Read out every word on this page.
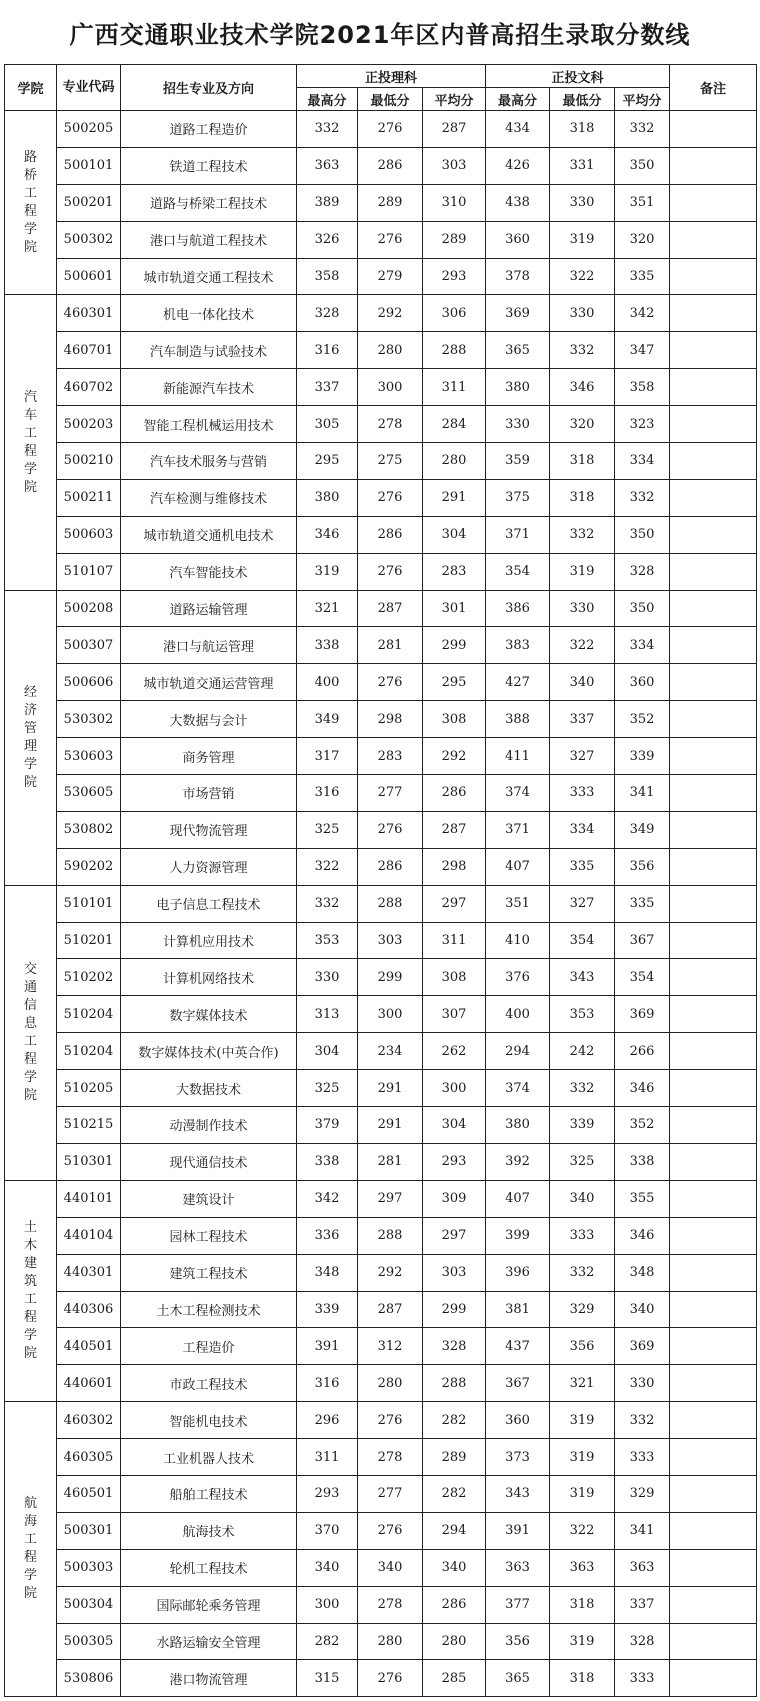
广西交通职业技术学院2021年区内普高招生录取分数线
学院	专业代码	招生专业及方向	正投理科			正投文科			备注
			最高分	最低分	平均分	最高分	最低分	平均分	
路桥工程学院	500205	道路工程造价	332	276	287	434	318	332	
	500101	铁道工程技术	363	286	303	426	331	350	
	500201	道路与桥梁工程技术	389	289	310	438	330	351	
	500302	港口与航道工程技术	326	276	289	360	319	320	
	500601	城市轨道交通工程技术	358	279	293	378	322	335	
汽车工程学院	460301	机电一体化技术	328	292	306	369	330	342	
	460701	汽车制造与试验技术	316	280	288	365	332	347	
	460702	新能源汽车技术	337	300	311	380	346	358	
	500203	智能工程机械运用技术	305	278	284	330	320	323	
	500210	汽车技术服务与营销	295	275	280	359	318	334	
	500211	汽车检测与维修技术	380	276	291	375	318	332	
	500603	城市轨道交通机电技术	346	286	304	371	332	350	
	510107	汽车智能技术	319	276	283	354	319	328	
经济管理学院	500208	道路运输管理	321	287	301	386	330	350	
	500307	港口与航运管理	338	281	299	383	322	334	
	500606	城市轨道交通运营管理	400	276	295	427	340	360	
	530302	大数据与会计	349	298	308	388	337	352	
	530603	商务管理	317	283	292	411	327	339	
	530605	市场营销	316	277	286	374	333	341	
	530802	现代物流管理	325	276	287	371	334	349	
	590202	人力资源管理	322	286	298	407	335	356	
交通信息工程学院	510101	电子信息工程技术	332	288	297	351	327	335	
	510201	计算机应用技术	353	303	311	410	354	367	
	510202	计算机网络技术	330	299	308	376	343	354	
	510204	数字媒体技术	313	300	307	400	353	369	
	510204	数字媒体技术(中英合作)	304	234	262	294	242	266	
	510205	大数据技术	325	291	300	374	332	346	
	510215	动漫制作技术	379	291	304	380	339	352	
	510301	现代通信技术	338	281	293	392	325	338	
土木建筑工程学院	440101	建筑设计	342	297	309	407	340	355	
	440104	园林工程技术	336	288	297	399	333	346	
	440301	建筑工程技术	348	292	303	396	332	348	
	440306	土木工程检测技术	339	287	299	381	329	340	
	440501	工程造价	391	312	328	437	356	369	
	440601	市政工程技术	316	280	288	367	321	330	
航海工程学院	460302	智能机电技术	296	276	282	360	319	332	
	460305	工业机器人技术	311	278	289	373	319	333	
	460501	船舶工程技术	293	277	282	343	319	329	
	500301	航海技术	370	276	294	391	322	341	
	500303	轮机工程技术	340	340	340	363	363	363	
	500304	国际邮轮乘务管理	300	278	286	377	318	337	
	500305	水路运输安全管理	282	280	280	356	319	328	
	530806	港口物流管理	315	276	285	365	318	333	
